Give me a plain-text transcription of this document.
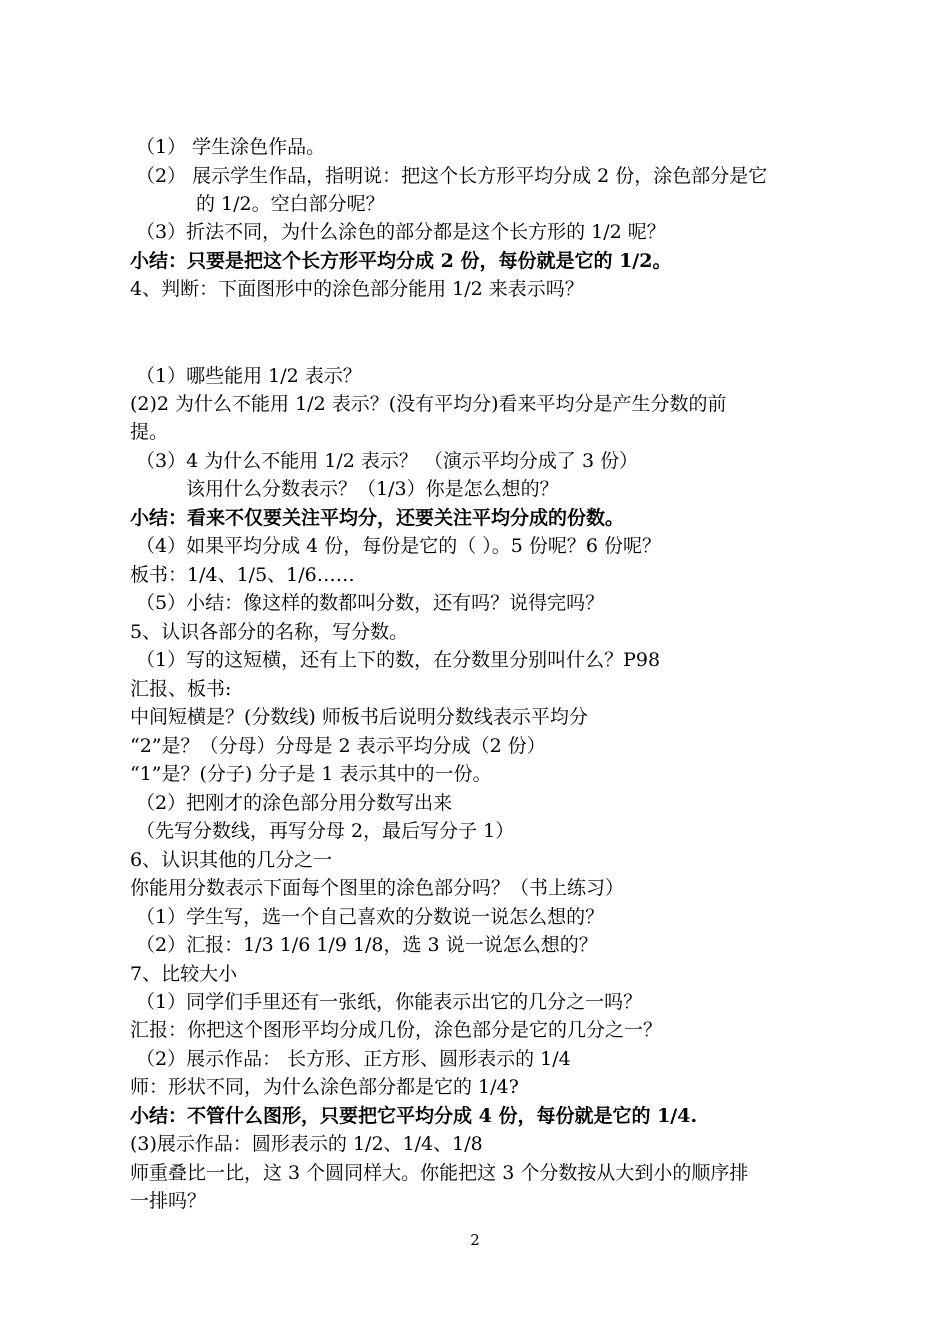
（1） 学生涂色作品。
（2） 展示学生作品，指明说：把这个长方形平均分成 2 份，涂色部分是它
的 1/2。空白部分呢？
（3）折法不同，为什么涂色的部分都是这个长方形的 1/2 呢？
小结：只要是把这个长方形平均分成 2 份，每份就是它的 1/2。
4、判断：下面图形中的涂色部分能用 1/2 来表示吗？
（1）哪些能用 1/2 表示？
(2)2 为什么不能用 1/2 表示？(没有平均分)看来平均分是产生分数的前
提。
（3）4 为什么不能用 1/2 表示？ （演示平均分成了 3 份）
该用什么分数表示？（1/3）你是怎么想的？
小结：看来不仅要关注平均分，还要关注平均分成的份数。
（4）如果平均分成 4 份，每份是它的（ ）。5 份呢？6 份呢？
板书：1/4、1/5、1/6……
（5）小结：像这样的数都叫分数，还有吗？说得完吗？
5、认识各部分的名称，写分数。
（1）写的这短横，还有上下的数，在分数里分别叫什么？P98
汇报、板书:
中间短横是？(分数线) 师板书后说明分数线表示平均分
“2”是？（分母）分母是 2 表示平均分成（2 份）
“1”是？(分子) 分子是 1 表示其中的一份。
（2）把刚才的涂色部分用分数写出来
（先写分数线，再写分母 2，最后写分子 1）
6、认识其他的几分之一
你能用分数表示下面每个图里的涂色部分吗？（书上练习）
（1）学生写，选一个自己喜欢的分数说一说怎么想的？
（2）汇报：1/3 1/6 1/9 1/8，选 3 说一说怎么想的？
7、比较大小
（1）同学们手里还有一张纸，你能表示出它的几分之一吗？
汇报：你把这个图形平均分成几份，涂色部分是它的几分之一？
（2）展示作品： 长方形、正方形、圆形表示的 1/4
师：形状不同，为什么涂色部分都是它的 1/4?
小结：不管什么图形，只要把它平均分成 4 份，每份就是它的 1/4.
(3)展示作品：圆形表示的 1/2、1/4、1/8
师重叠比一比，这 3 个圆同样大。你能把这 3 个分数按从大到小的顺序排
一排吗？
2
